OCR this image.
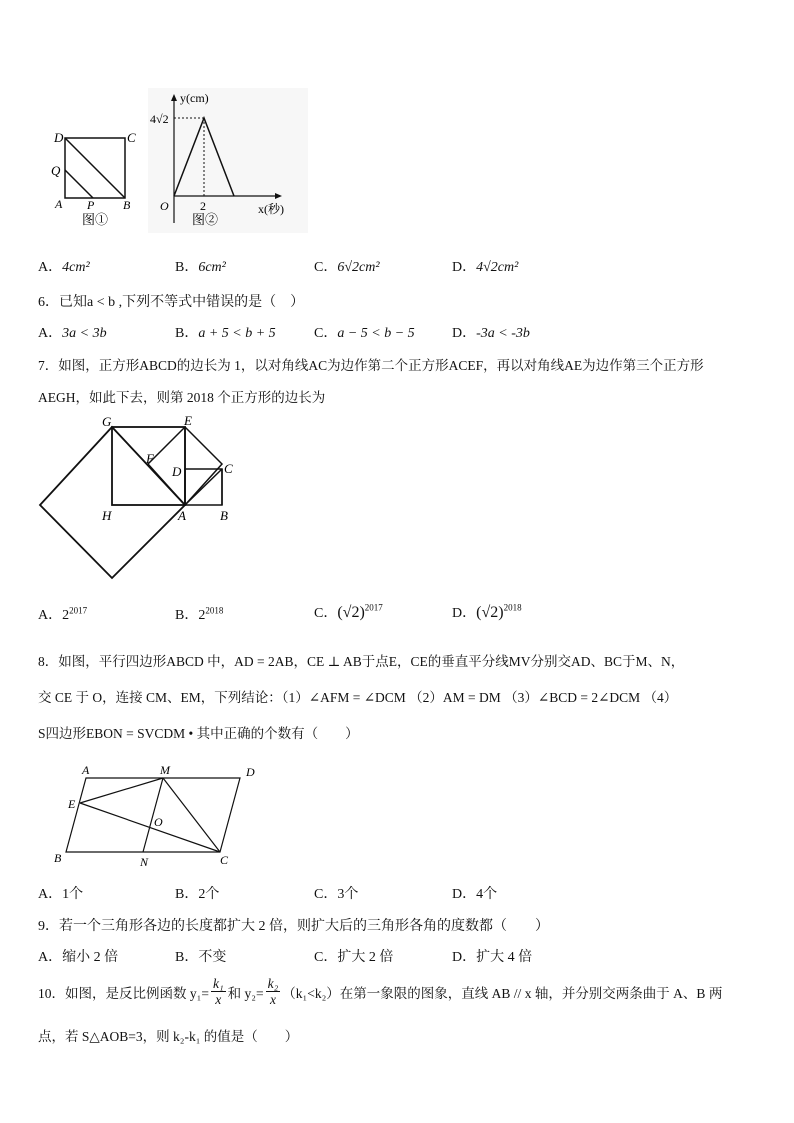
D	C
Q
A P B
图①
y(cm)
4√2
O	2	x(秒)
图②
A．4cm²	B．6cm²	C．6√2cm²	D．4√2cm²
6．已知a < b ,下列不等式中错误的是（　）
A．3a < 3b	B．a + 5 < b + 5	C．a − 5 < b − 5	D．-3a < -3b
7．如图，正方形ABCD的边长为 1，以对角线AC为边作第二个正方形ACEF，再以对角线AE为边作第三个正方形
AEGH，如此下去，则第 2018 个正方形的边长为
G	E
F
D	C
H	A	B
A．$2^{2017}$	B．$2^{2018}$	C．$(√2)^{2017}$	D．$(√2)^{2018}$
8．如图，平行四边形ABCD 中，AD = 2AB，CE ⊥ AB于点E，CE的垂直平分线MV分别交AD、BC于M、N，
交 CE 于 O，连接 CM、EM，下列结论：（1）∠AFM = ∠DCM （2）AM = DM （3）∠BCD = 2∠DCM （4）
S四边形EBON = SVCDM • 其中正确的个数有（　　）
A	M	D
E
O
B	N	C
A．1个	B．2个	C．3个	D．4个
9．若一个三角形各边的长度都扩大 2 倍，则扩大后的三角形各角的度数都（　　）
A．缩小 2 倍	B．不变	C．扩大 2 倍	D．扩大 4 倍
10．如图，是反比例函数 $y_1= \frac{\text{k₁}}{x}$ 和 $y_2= \frac{\text{k₂}}{x} (k_1<k_2)$在第一象限的图象，直线 AB // x 轴，并分别交两条曲于 A、B 两
点，若 S△AOB=3，则 k₂-k₁ 的值是（　　）
